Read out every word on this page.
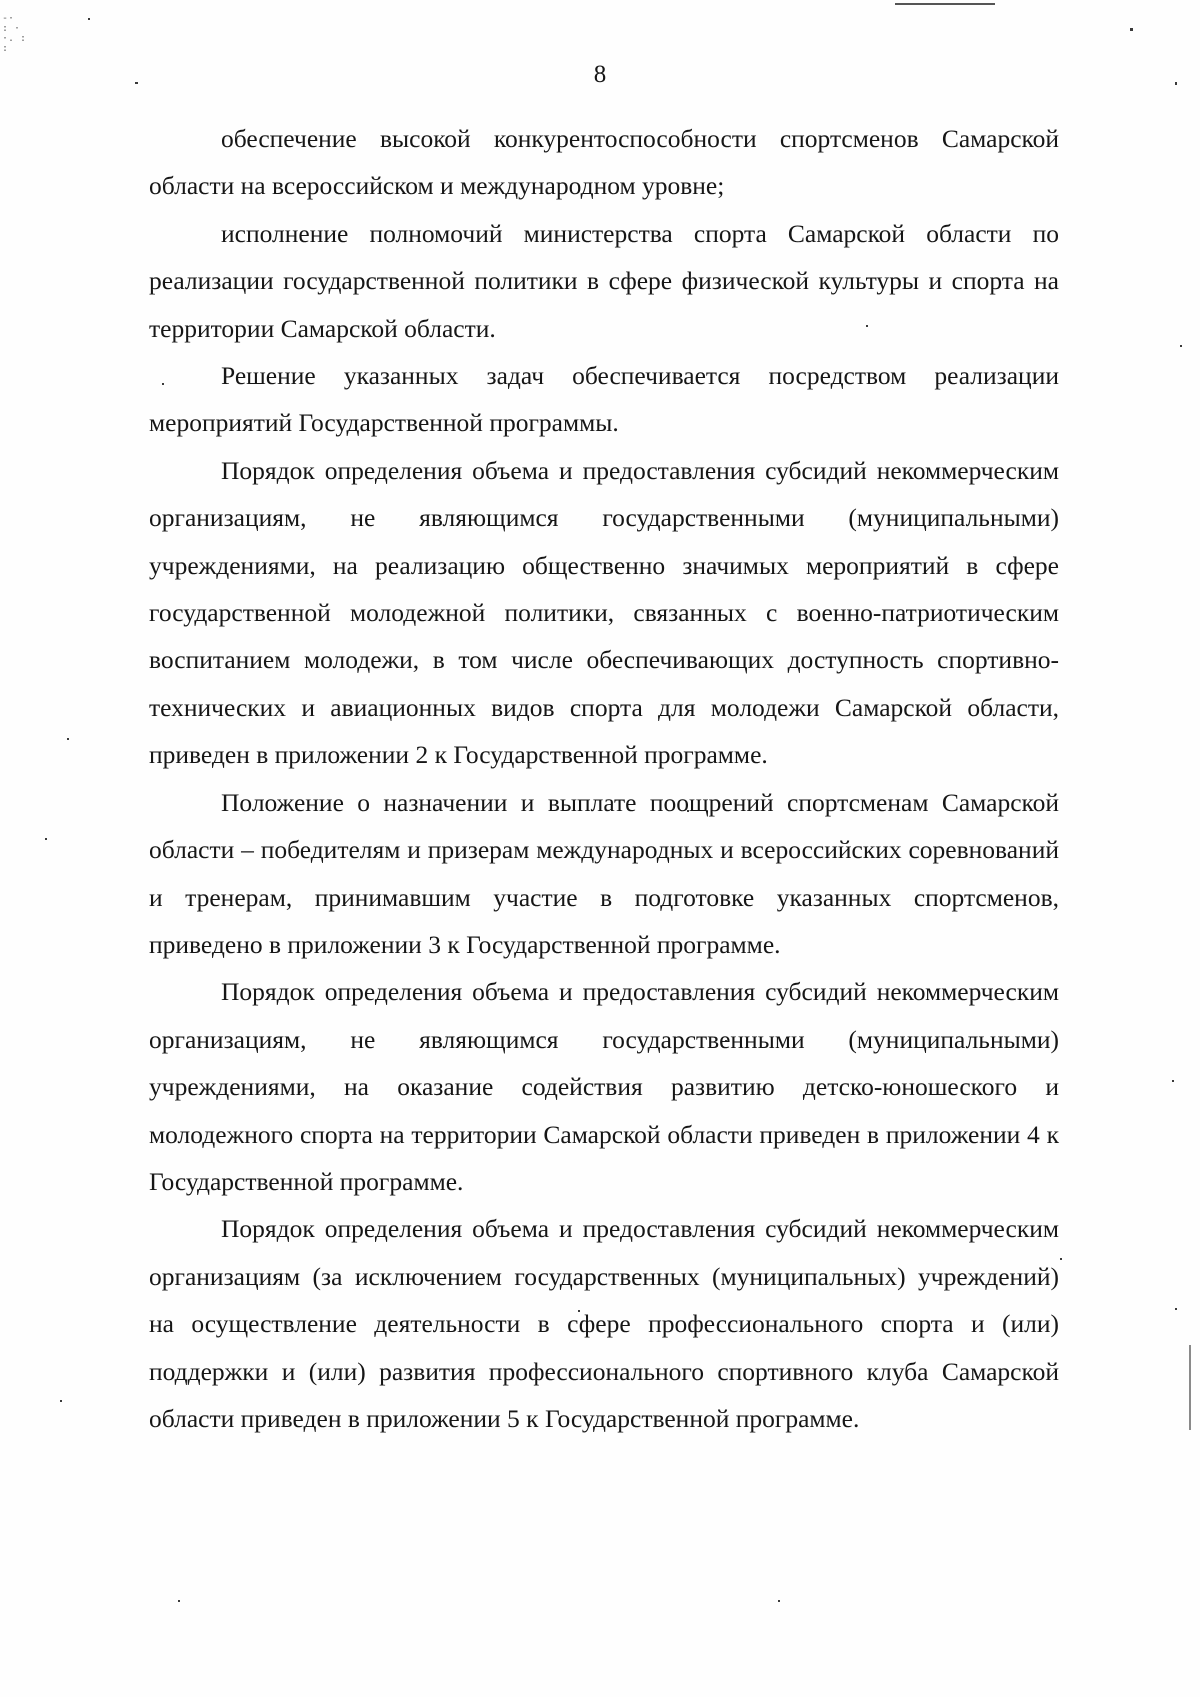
-·
: ·
·. :
:
8

обеспечение высокой конкурентоспособности спортсменов Самарской области на всероссийском и международном уровне;

исполнение полномочий министерства спорта Самарской области по реализации государственной политики в сфере физической культуры и спорта на территории Самарской области.

Решение указанных задач обеспечивается посредством реализации мероприятий Государственной программы.

Порядок определения объема и предоставления субсидий некоммерческим организациям, не являющимся государственными (муниципальными) учреждениями, на реализацию общественно значимых мероприятий в сфере государственной молодежной политики, связанных с военно-патриотическим воспитанием молодежи, в том числе обеспечивающих доступность спортивно-технических и авиационных видов спорта для молодежи Самарской области, приведен в приложении 2 к Государственной программе.

Положение о назначении и выплате поощрений спортсменам Самарской области – победителям и призерам международных и всероссийских соревнований и тренерам, принимавшим участие в подготовке указанных спортсменов, приведено в приложении 3 к Государственной программе.

Порядок определения объема и предоставления субсидий некоммерческим организациям, не являющимся государственными (муниципальными) учреждениями, на оказание содействия развитию детско-юношеского и молодежного спорта на территории Самарской области приведен в приложении 4 к Государственной программе.

Порядок определения объема и предоставления субсидий некоммерческим организациям (за исключением государственных (муниципальных) учреждений) на осуществление деятельности в сфере профессионального спорта и (или) поддержки и (или) развития профессионального спортивного клуба Самарской области приведен в приложении 5 к Государственной программе.
